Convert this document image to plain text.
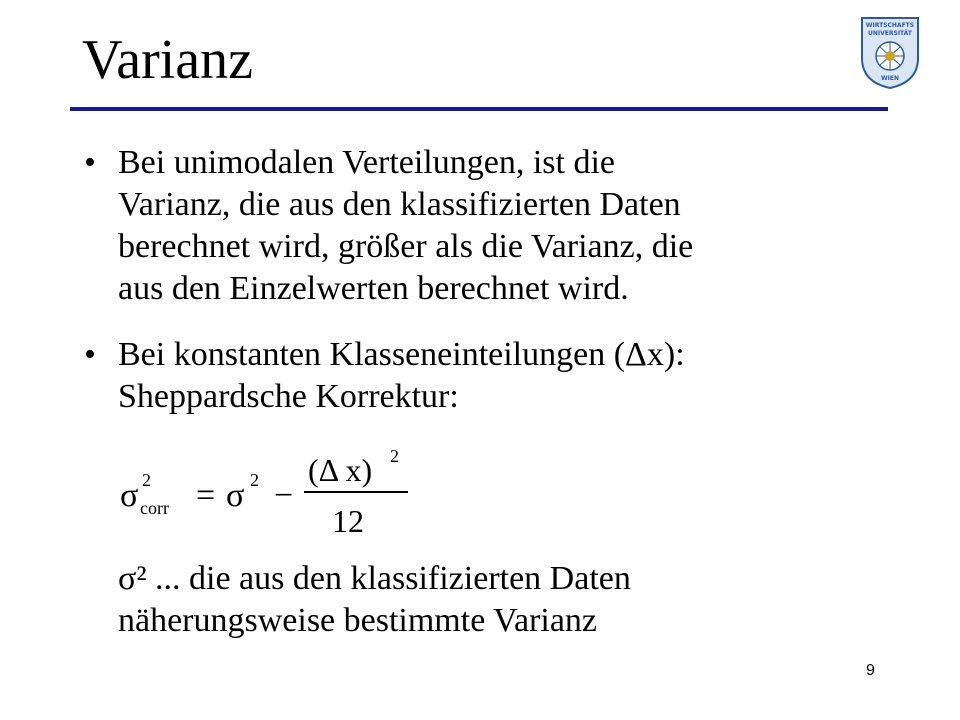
Varianz
WIRTSCHAFTS
UNIVERSITÄT
WIEN
• Bei unimodalen Verteilungen, ist die
Varianz, die aus den klassifizierten Daten
berechnet wird, größer als die Varianz, die
aus den Einzelwerten berechnet wird.
• Bei konstanten Klasseneinteilungen (Δx):
Sheppardsche Korrektur:
σ 2
corr = σ 2 −
(Δ x) 2
12
σ² ... die aus den klassifizierten Daten
näherungsweise bestimmte Varianz
9
